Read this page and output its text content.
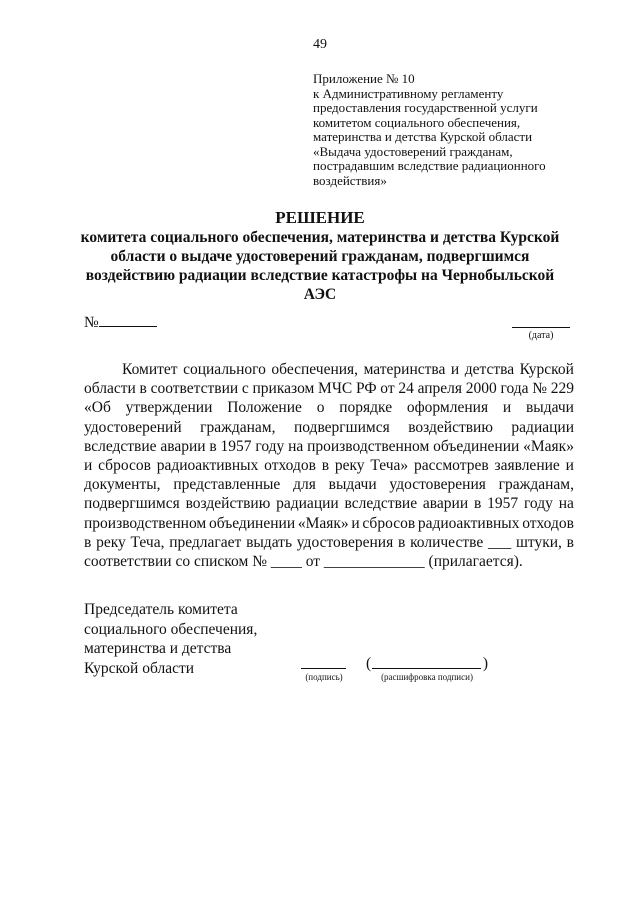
49
Приложение № 10
к Административному регламенту
предоставления государственной услуги
комитетом социального обеспечения,
материнства и детства Курской области
«Выдача удостоверений гражданам,
пострадавшим вследствие радиационного
воздействия»
РЕШЕНИЕ
комитета социального обеспечения, материнства и детства Курской
области о выдаче удостоверений гражданам, подвергшимся
воздействию радиации вследствие катастрофы на Чернобыльской
АЭС
№
(дата)
Комитет социального обеспечения, материнства и детства Курской
области в соответствии с приказом МЧС РФ от 24 апреля 2000 года № 229
«Об утверждении Положение о порядке оформления и выдачи
удостоверений гражданам, подвергшимся воздействию радиации
вследствие аварии в 1957 году на производственном объединении «Маяк»
и сбросов радиоактивных отходов в реку Теча» рассмотрев заявление и
документы, представленные для выдачи удостоверения гражданам,
подвергшимся воздействию радиации вследствие аварии в 1957 году на
производственном объединении «Маяк» и сбросов радиоактивных отходов
в реку Теча, предлагает выдать удостоверения в количестве ___ штуки, в
соответствии со списком № ____ от _____________ (прилагается).
Председатель комитета
социального обеспечения,
материнства и детства
Курской области
(подпись)
(	)
(расшифровка подписи)
